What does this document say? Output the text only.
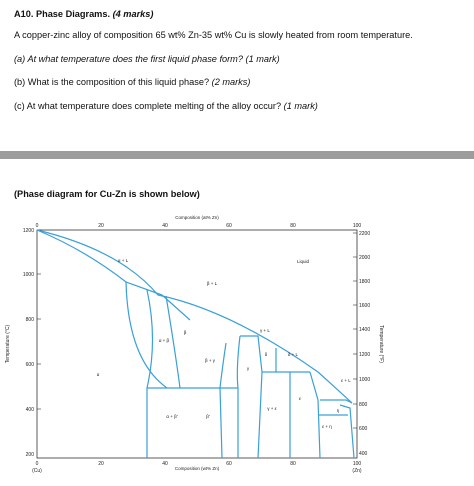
A10. Phase Diagrams. (4 marks)
A copper-zinc alloy of composition 65 wt% Zn-35 wt% Cu is slowly heated from room temperature.
(a) At what temperature does the first liquid phase form? (1 mark)
(b) What is the composition of this liquid phase? (2 marks)
(c) At what temperature does complete melting of the alloy occur? (1 mark)
(Phase diagram for Cu-Zn is shown below)
Composition (at% Zn)
0	20	40	60	80	100
0	20	40	60	80	100
(Cu)	(Zn)
Composition (wt% Zn)
Temperature (°C)
1200
1000
800
600
400
200
Temperature (°F)
2200
2000
1800
1600
1400
1200
1000
800
600
400
Liquid
α + L
β + L
α
α + β
β
β + γ
α + β'	β'
γ + L
γ
δ	δ + L
γ + ε
ε
ε + L
η
ε + η
